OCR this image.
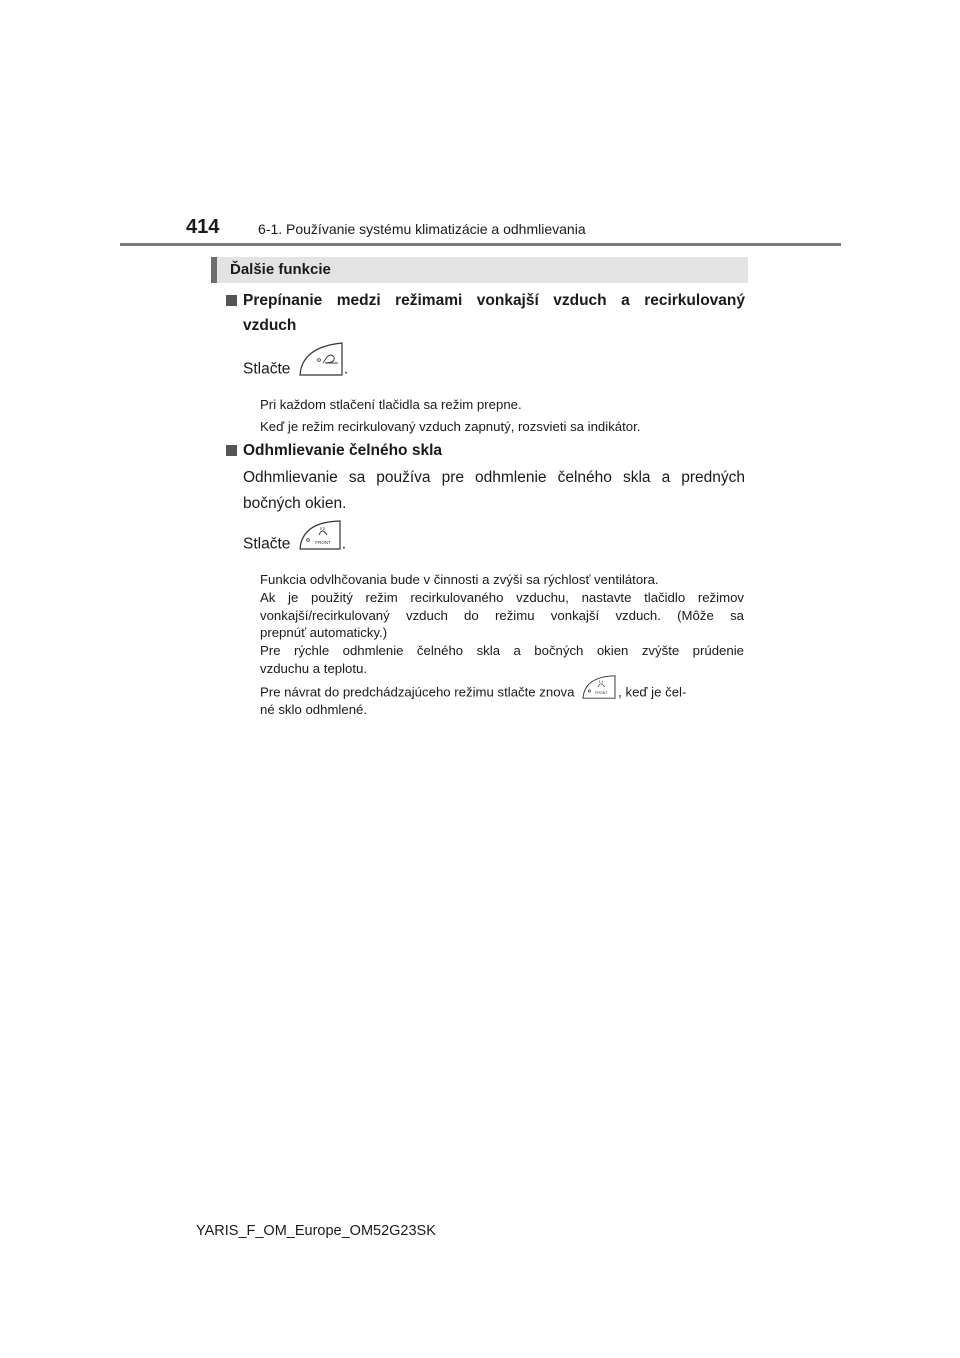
414	6-1. Používanie systému klimatizácie a odhmlievania
Ďalšie funkcie
Prepínanie medzi režimami vonkajší vzduch a recirkulovaný
vzduch
Stlačte	.
Pri každom stlačení tlačidla sa režim prepne.
Keď je režim recirkulovaný vzduch zapnutý, rozsvieti sa indikátor.
Odhmlievanie čelného skla
Odhmlievanie sa používa pre odhmlenie čelného skla a predných
bočných okien.
Stlačte	FRONT .
Funkcia odvlhčovania bude v činnosti a zvýši sa rýchlosť ventilátora.
Ak je použitý režim recirkulovaného vzduchu, nastavte tlačidlo režimov
vonkajší/recirkulovaný vzduch do režimu vonkajší vzduch. (Môže sa
prepnúť automaticky.)
Pre rýchle odhmlenie čelného skla a bočných okien zvýšte prúdenie
vzduchu a teplotu.
Pre návrat do predchádzajúceho režimu stlačte znova	FRONT , keď je čel-
né sklo odhmlené.
YARIS_F_OM_Europe_OM52G23SK
